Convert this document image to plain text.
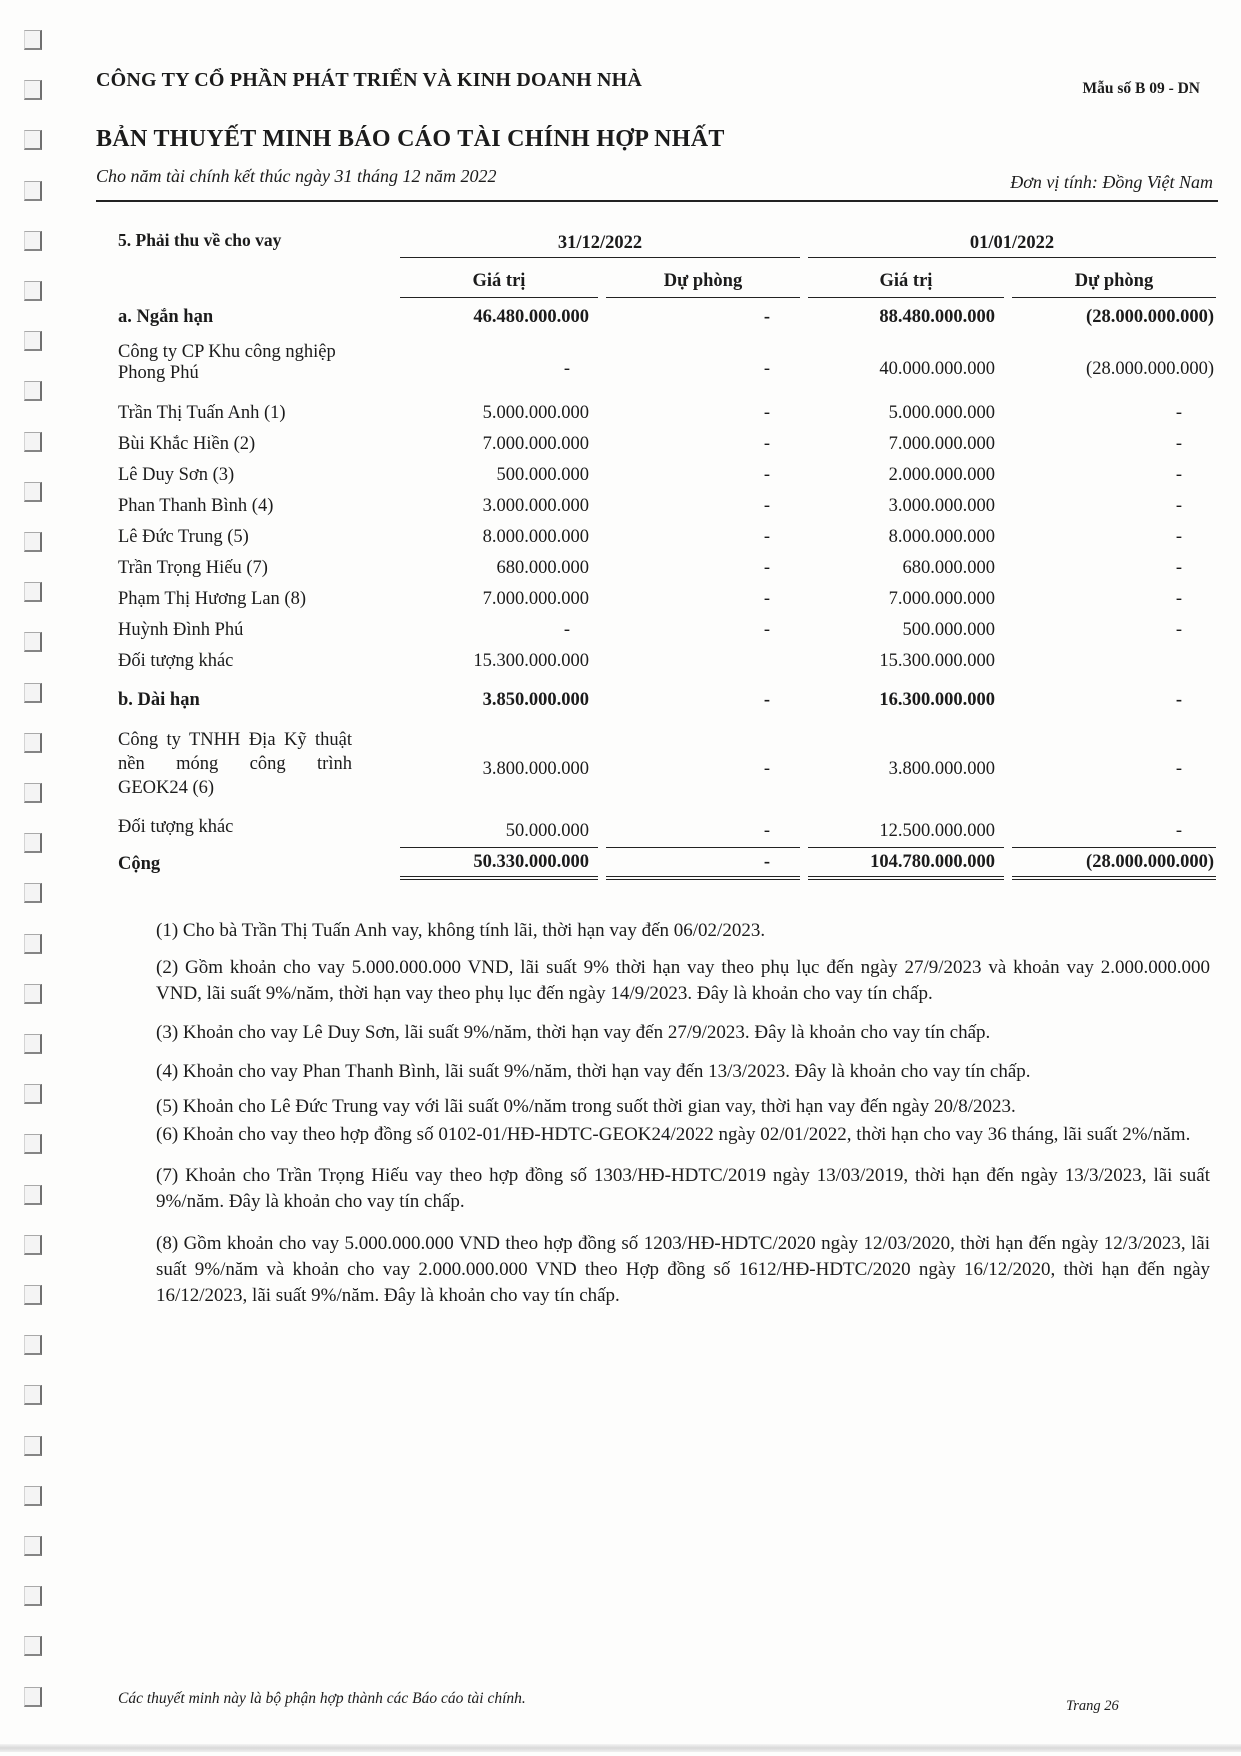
CÔNG TY CỔ PHẦN PHÁT TRIỂN VÀ KINH DOANH NHÀ	Mẫu số B 09 - DN
BẢN THUYẾT MINH BÁO CÁO TÀI CHÍNH HỢP NHẤT
Cho năm tài chính kết thúc ngày 31 tháng 12 năm 2022	Đơn vị tính: Đồng Việt Nam
5. Phải thu về cho vay	31/12/2022		01/01/2022	
	Giá trị	Dự phòng	Giá trị	Dự phòng
a. Ngắn hạn	46.480.000.000	-	88.480.000.000	(28.000.000.000)

Công ty CP Khu công nghiệp
Phong Phú	-	-	40.000.000.000	(28.000.000.000)
Trần Thị Tuấn Anh (1)	5.000.000.000	-	5.000.000.000	-
Bùi Khắc Hiền (2)	7.000.000.000	-	7.000.000.000	-
Lê Duy Sơn (3)	500.000.000	-	2.000.000.000	-
Phan Thanh Bình (4)	3.000.000.000	-	3.000.000.000	-
Lê Đức Trung (5)	8.000.000.000	-	8.000.000.000	-
Trần Trọng Hiếu (7)	680.000.000	-	680.000.000	-
Phạm Thị Hương Lan (8)	7.000.000.000	-	7.000.000.000	-
Huỳnh Đình Phú	-	-	500.000.000	-
Đối tượng khác	15.300.000.000		15.300.000.000	
b. Dài hạn	3.850.000.000	-	16.300.000.000	-

Công ty TNHH Địa Kỹ thuật
nền móng công trình
GEOK24 (6)	3.800.000.000	-	3.800.000.000	-
Đối tượng khác	50.000.000	-	12.500.000.000	-
Cộng	50.330.000.000	-	104.780.000.000	(28.000.000.000)

(1) Cho bà Trần Thị Tuấn Anh vay, không tính lãi, thời hạn vay đến 06/02/2023.

(2) Gồm khoản cho vay 5.000.000.000 VND, lãi suất 9% thời hạn vay theo phụ lục đến ngày 27/9/2023 và khoản vay 2.000.000.000 VND, lãi suất 9%/năm, thời hạn vay theo phụ lục đến ngày 14/9/2023. Đây là khoản cho vay tín chấp.

(3) Khoản cho vay Lê Duy Sơn, lãi suất 9%/năm, thời hạn vay đến 27/9/2023. Đây là khoản cho vay tín chấp.

(4) Khoản cho vay Phan Thanh Bình, lãi suất 9%/năm, thời hạn vay đến 13/3/2023. Đây là khoản cho vay tín chấp.

(5) Khoản cho Lê Đức Trung vay với lãi suất 0%/năm trong suốt thời gian vay, thời hạn vay đến ngày 20/8/2023.

(6) Khoản cho vay theo hợp đồng số 0102-01/HĐ-HDTC-GEOK24/2022 ngày 02/01/2022, thời hạn cho vay 36 tháng, lãi suất 2%/năm.

(7) Khoản cho Trần Trọng Hiếu vay theo hợp đồng số 1303/HĐ-HDTC/2019 ngày 13/03/2019, thời hạn đến ngày 13/3/2023, lãi suất 9%/năm. Đây là khoản cho vay tín chấp.

(8) Gồm khoản cho vay 5.000.000.000 VND theo hợp đồng số 1203/HĐ-HDTC/2020 ngày 12/03/2020, thời hạn đến ngày 12/3/2023, lãi suất 9%/năm và khoản cho vay 2.000.000.000 VND theo Hợp đồng số 1612/HĐ-HDTC/2020 ngày 16/12/2020, thời hạn đến ngày 16/12/2023, lãi suất 9%/năm. Đây là khoản cho vay tín chấp.

Các thuyết minh này là bộ phận hợp thành các Báo cáo tài chính.	Trang 26
